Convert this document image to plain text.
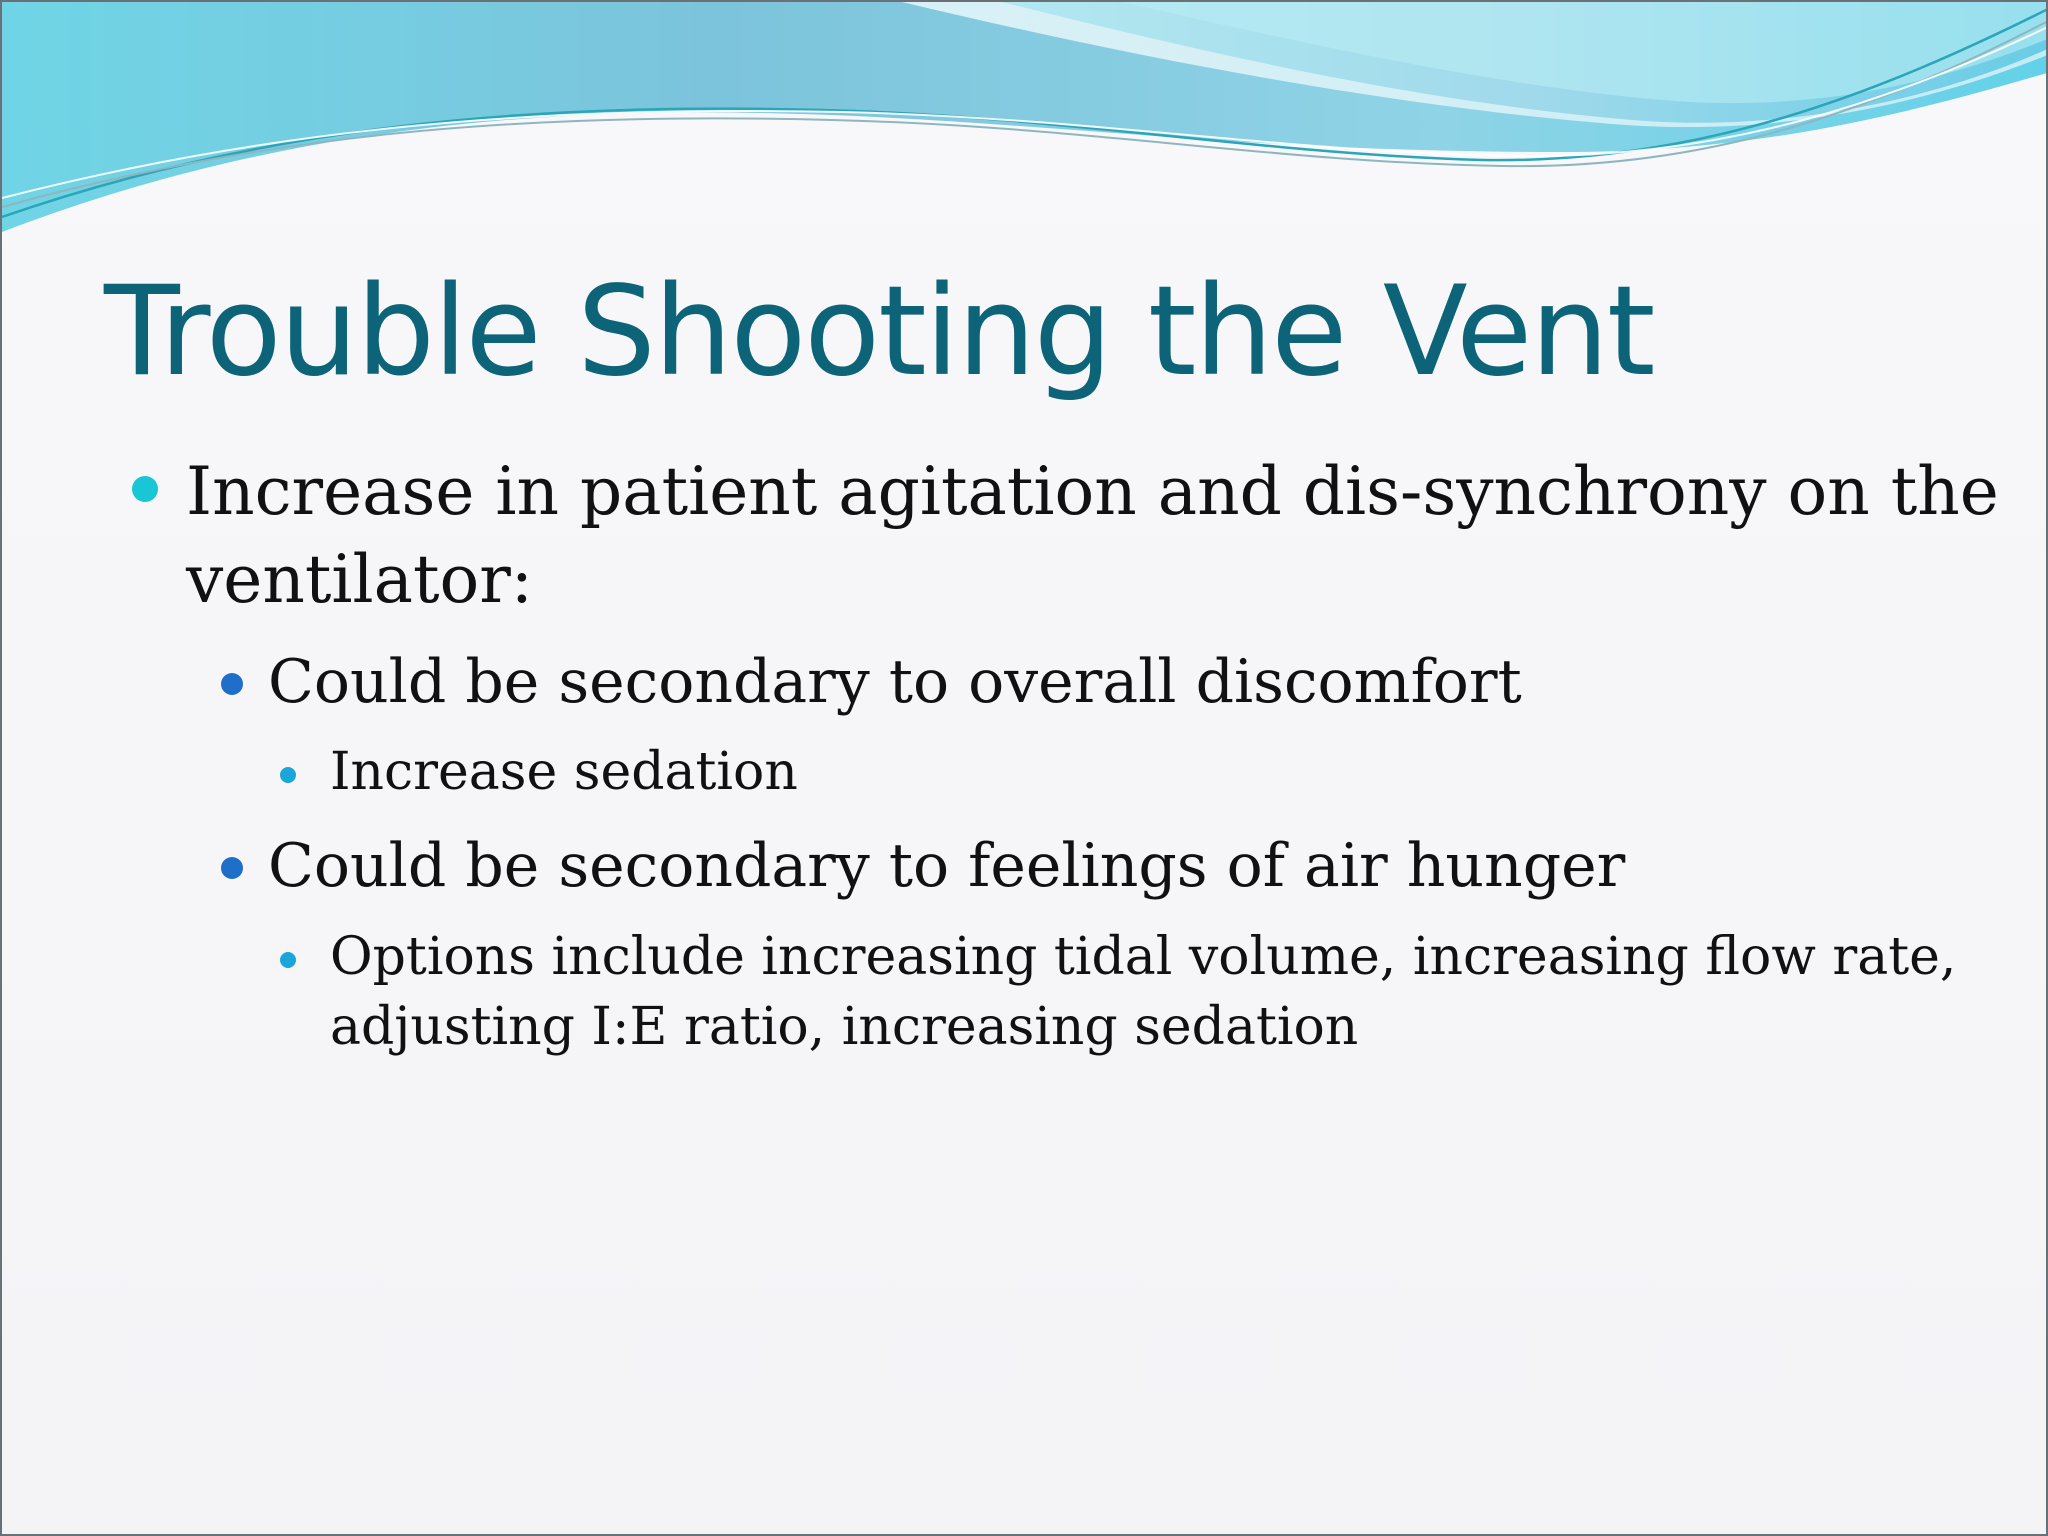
Trouble Shooting the Vent

Increase in patient agitation and dis-synchrony on the

ventilator:

Could be secondary to overall discomfort

Increase sedation

Could be secondary to feelings of air hunger

Options include increasing tidal volume, increasing flow rate,

adjusting I:E ratio, increasing sedation
